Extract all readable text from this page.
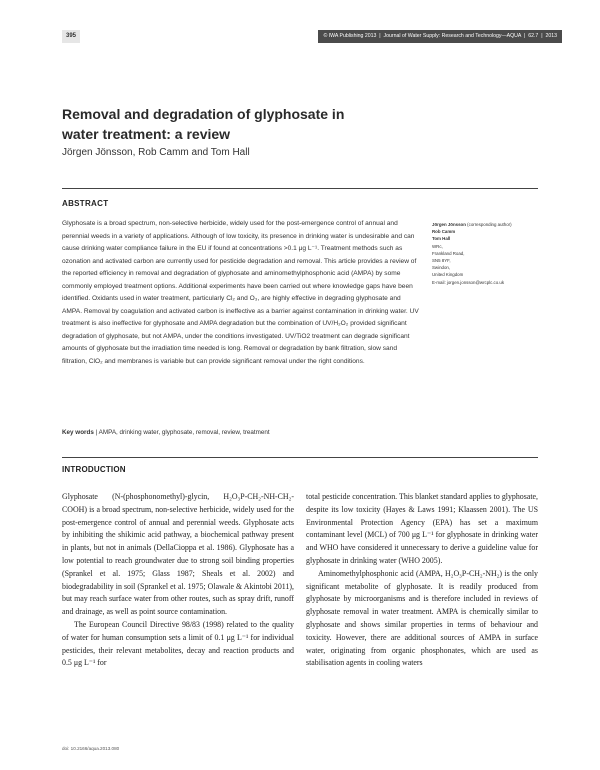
395	© IWA Publishing 2013  |  Journal of Water Supply: Research and Technology—AQUA  |  62.7  |  2013
Removal and degradation of glyphosate in water treatment: a review
Jörgen Jönsson, Rob Camm and Tom Hall
ABSTRACT
Glyphosate is a broad spectrum, non-selective herbicide, widely used for the post-emergence control of annual and perennial weeds in a variety of applications. Although of low toxicity, its presence in drinking water is undesirable and can cause drinking water compliance failure in the EU if found at concentrations >0.1 μg L⁻¹. Treatment methods such as ozonation and activated carbon are currently used for pesticide degradation and removal. This article provides a review of the reported efficiency in removal and degradation of glyphosate and aminomethylphosphonic acid (AMPA) by some commonly employed treatment options. Additional experiments have been carried out where knowledge gaps have been identified. Oxidants used in water treatment, particularly Cl₂ and O₃, are highly effective in degrading glyphosate and AMPA. Removal by coagulation and activated carbon is ineffective as a barrier against contamination in drinking water. UV treatment is also ineffective for glyphosate and AMPA degradation but the combination of UV/H₂O₂ provided significant degradation of glyphosate, but not AMPA, under the conditions investigated. UV/TiO2 treatment can degrade significant amounts of glyphosate but the irradiation time needed is long. Removal or degradation by bank filtration, slow sand filtration, ClO₂ and membranes is variable but can provide significant removal under the right conditions.
Key words | AMPA, drinking water, glyphosate, removal, review, treatment
Jörgen Jönsson (corresponding author)
Rob Camm
Tom Hall
WRc,
Frankland Road,
SN5 8YF,
Swindon,
United Kingdom
E-mail: jorgen.jonsson@wrcplc.co.uk
INTRODUCTION

Glyphosate (N-(phosphonomethyl)-glycin, H₂O₃P-CH₂-NH-CH₂-COOH) is a broad spectrum, non-selective herbicide, widely used for the post-emergence control of annual and perennial weeds. Glyphosate acts by inhibiting the shikimic acid pathway, a biochemical pathway present in plants, but not in animals (DellaCioppa et al. 1986). Glyphosate has a low potential to reach groundwater due to strong soil binding properties (Sprankel et al. 1975; Glass 1987; Sheals et al. 2002) and biodegradability in soil (Sprankel et al. 1975; Olawale & Akintobi 2011), but may reach surface water from other routes, such as spray drift, runoff and drainage, as well as point source contamination.

The European Council Directive 98/83 (1998) related to the quality of water for human consumption sets a limit of 0.1 μg L⁻¹ for individual pesticides, their relevant metabolites, decay and reaction products and 0.5 μg L⁻¹ for

total pesticide concentration. This blanket standard applies to glyphosate, despite its low toxicity (Hayes & Laws 1991; Klaassen 2001). The US Environmental Protection Agency (EPA) has set a maximum contaminant level (MCL) of 700 μg L⁻¹ for glyphosate in drinking water and WHO have considered it unnecessary to derive a guideline value for glyphosate in drinking water (WHO 2005).

Aminomethylphosphonic acid (AMPA, H₂O₃P-CH₂-NH₂) is the only significant metabolite of glyphosate. It is readily produced from glyphosate by microorganisms and is therefore included in reviews of glyphosate removal in water treatment. AMPA is chemically similar to glyphosate and shows similar properties in terms of behaviour and toxicity. However, there are additional sources of AMPA in surface water, originating from organic phosphonates, which are used as stabilisation agents in cooling waters

doi: 10.2166/aqua.2013.080
